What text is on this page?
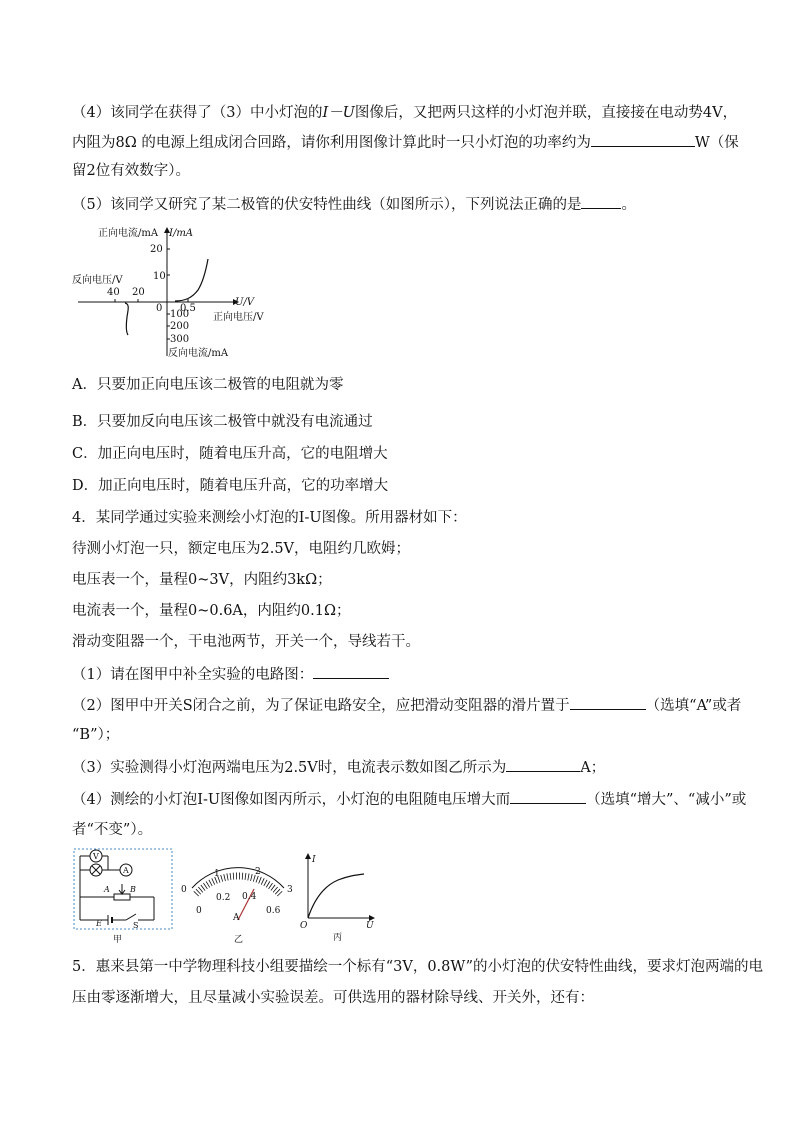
（4）该同学在获得了（3）中小灯泡的I－U图像后，又把两只这样的小灯泡并联，直接接在电动势4V，
内阻为8Ω 的电源上组成闭合回路，请你利用图像计算此时一只小灯泡的功率约为	W（保
留2位有效数字）。
（5）该同学又研究了某二极管的伏安特性曲线（如图所示），下列说法正确的是	。
正向电流/mA I/mA
20
10
反向电压/V
40 20
0 0.5
U/V
正向电压/V
100
200
300
反向电流/mA
A．只要加正向电压该二极管的电阻就为零
B．只要加反向电压该二极管中就没有电流通过
C．加正向电压时，随着电压升高，它的电阻增大
D．加正向电压时，随着电压升高，它的功率增大
4．某同学通过实验来测绘小灯泡的I-U图像。所用器材如下：
待测小灯泡一只，额定电压为2.5V，电阻约几欧姆；
电压表一个，量程0~3V，内阻约3kΩ；
电流表一个，量程0~0.6A，内阻约0.1Ω；
滑动变阻器一个，干电池两节，开关一个，导线若干。
（1）请在图甲中补全实验的电路图：
（2）图甲中开关S闭合之前，为了保证电路安全，应把滑动变阻器的滑片置于	（选填“A”或者
“B”）；
（3）实验测得小灯泡两端电压为2.5V时，电流表示数如图乙所示为	A；
（4）测绘的小灯泡I-U图像如图丙所示，小灯泡的电阻随电压增大而	（选填“增大”、“减小”或
者“不变”）。
V
A
A	B
E	S
甲
0
1	2
3
0
0.2 0.4
0.6
A
乙
I
U
O
丙
5．惠来县第一中学物理科技小组要描绘一个标有“3V，0.8W”的小灯泡的伏安特性曲线，要求灯泡两端的电
压由零逐渐增大，且尽量减小实验误差。可供选用的器材除导线、开关外，还有：
